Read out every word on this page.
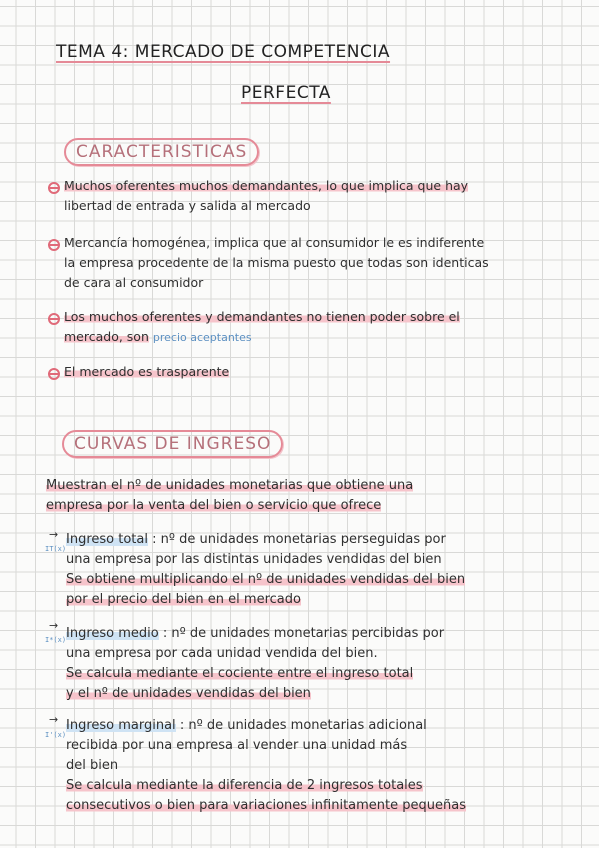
TEMA 4: MERCADO DE COMPETENCIA
PERFECTA
CARACTERISTICAS
Muchos oferentes muchos demandantes, lo que implica que hay
libertad de entrada y salida al mercado
Mercancía homogénea, implica que al consumidor le es indiferente
la empresa procedente de la misma puesto que todas son identicas
de cara al consumidor
Los muchos oferentes y demandantes no tienen poder sobre el
mercado, son precio aceptantes
El mercado es trasparente
CURVAS DE INGRESO
Muestran el nº de unidades monetarias que obtiene una
empresa por la venta del bien o servicio que ofrece
→
IT(x)
Ingreso total : nº de unidades monetarias perseguidas por
una empresa por las distintas unidades vendidas del bien
Se obtiene multiplicando el nº de unidades vendidas del bien
por el precio del bien en el mercado
→
I*(x) Ingreso medio : nº de unidades monetarias percibidas por
una empresa por cada unidad vendida del bien.
Se calcula mediante el cociente entre el ingreso total
y el nº de unidades vendidas del bien
→
I'(x)
Ingreso marginal : nº de unidades monetarias adicional
recibida por una empresa al vender una unidad más
del bien
Se calcula mediante la diferencia de 2 ingresos totales
consecutivos o bien para variaciones infinitamente pequeñas
